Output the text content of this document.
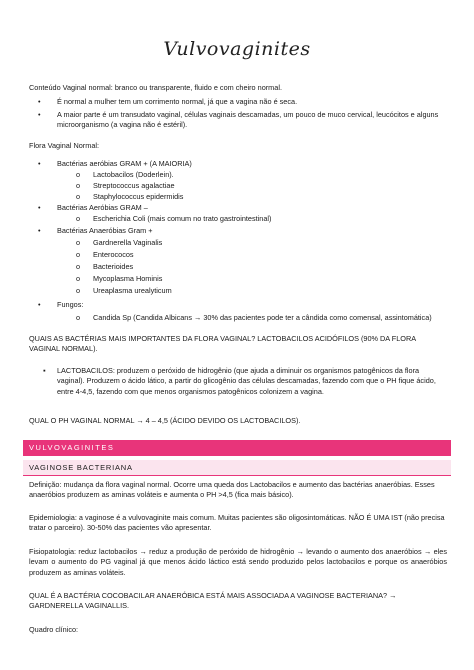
Vulvovaginites

Conteúdo Vaginal normal: branco ou transparente, fluido e com cheiro normal.

• É normal a mulher tem um corrimento normal, já que a vagina não é seca.
• A maior parte é um transudato vaginal, células vaginais descamadas, um pouco de muco cervical, leucócitos e alguns microorganismo (a vagina não é estéril).

Flora Vaginal Normal:

• Bactérias aeróbias GRAM + (A MAIORIA)
o Lactobacilos (Doderlein).
o Streptococcus agalactiae
o Staphylococcus epidermidis
• Bactérias Aeróbias GRAM –
o Escherichia Coli (mais comum no trato gastrointestinal)
• Bactérias Anaeróbias Gram +
o Gardnerella Vaginalis
o Enterococos
o Bacterioides
o Mycoplasma Hominis
o Ureaplasma urealyticum
• Fungos:
o Candida Sp (Candida Albicans → 30% das pacientes pode ter a cândida como comensal, assintomática)

QUAIS AS BACTÉRIAS MAIS IMPORTANTES DA FLORA VAGINAL? LACTOBACILOS ACIDÓFILOS (90% DA FLORA VAGINAL NORMAL).

▪ LACTOBACILOS: produzem o peróxido de hidrogênio (que ajuda a diminuir os organismos patogênicos da flora vaginal). Produzem o ácido lático, a partir do glicogênio das células descamadas, fazendo com que o PH fique ácido, entre 4-4,5, fazendo com que menos organismos patogênicos colonizem a vagina.

QUAL O PH VAGINAL NORMAL → 4 – 4,5 (ÁCIDO DEVIDO OS LACTOBACILOS).

VULVOVAGINITES
VAGINOSE BACTERIANA

Definição: mudança da flora vaginal normal. Ocorre uma queda dos Lactobacilos e aumento das bactérias anaeróbias. Esses anaeróbios produzem as aminas voláteis e aumenta o PH >4,5 (fica mais básico).

Epidemiologia: a vaginose é a vulvovaginite mais comum. Muitas pacientes são oligosintomáticas. NÃO É UMA IST (não precisa tratar o parceiro). 30-50% das pacientes vão apresentar.

Fisiopatologia: reduz lactobacilos → reduz a produção de peróxido de hidrogênio → levando o aumento dos anaeróbios → eles levam o aumento do PG vaginal já que menos ácido láctico está sendo produzido pelos lactobacilos e porque os anaeróbios produzem as aminas voláteis.

QUAL É A BACTÉRIA COCOBACILAR ANAERÓBICA ESTÁ MAIS ASSOCIADA A VAGINOSE BACTERIANA? → GARDNERELLA VAGINALLIS.

Quadro clínico:
